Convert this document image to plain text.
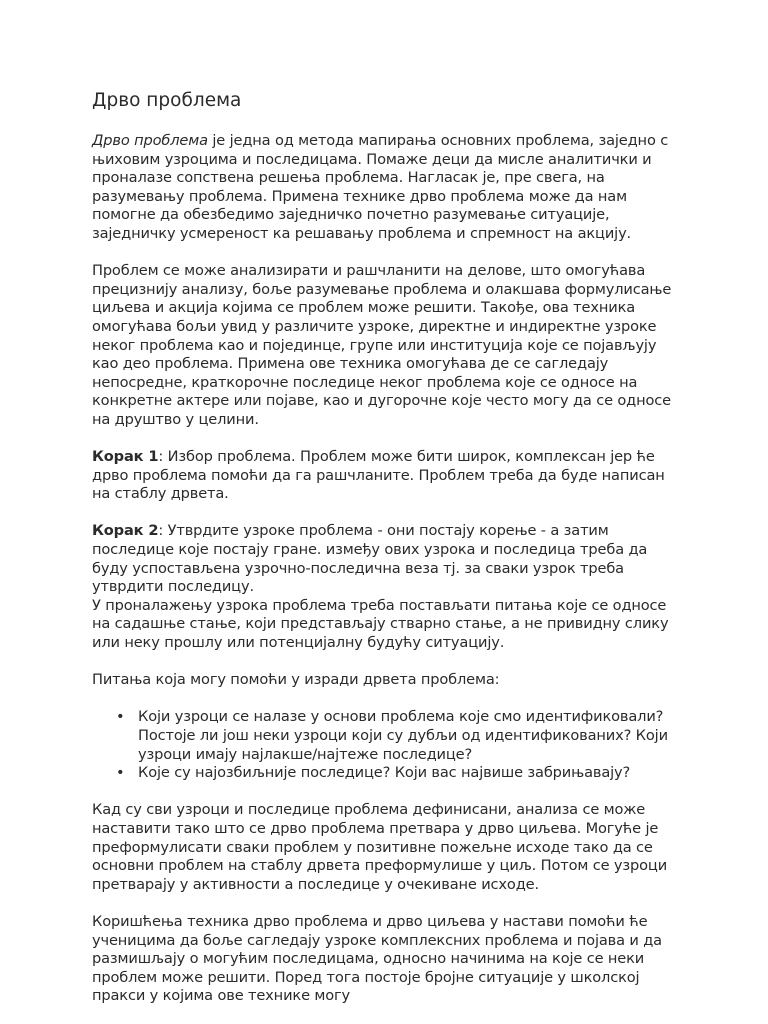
Дрво проблема

Дрво проблема је једна од метода мапирања основних проблема, заједно с њиховим узроцима и последицама. Помаже деци да мисле аналитички и проналазе сопствена решења проблема. Нагласак је, пре свега, на разумевању проблема. Примена технике дрво проблема може да нам помогне да обезбедимо заједничко почетно разумевање ситуације, заједничку усмереност ка решавању проблема и спремност на акцију.

Проблем се може анализирати и рашчланити на делове, што омогућава прецизнију анализу, боље разумевање проблема и олакшава формулисање циљева и акција којима се проблем може решити. Такође, ова техника омогућава бољи увид у различите узроке, директне и индиректне узроке неког проблема као и појединце, групе или институција које се појављују као део проблема. Примена ове техника омогућава де се сагледају непосредне, краткорочне последице неког проблема које се односе на конкретне актере или појаве, као и дугорочне које често могу да се односе на друштво у целини.

Корак 1: Избор проблема. Проблем може бити широк, комплексан јер ће дрво проблема помоћи да га рашчланите. Проблем треба да буде написан на стаблу дрвета.

Корак 2: Утврдите узроке проблема - они постају корење - а затим последице које постају гране. између ових узрока и последица треба да буду успостављена узрочно-последична веза тј. за сваки узрок треба утврдити последицу.
У проналажењу узрока проблема треба постављати питања које се односе на садашње стање, који представљају стварно стање, а не привидну слику или неку прошлу или потенцијалну будућу ситуацију.

Питања која могу помоћи у изради дрвета проблема:

• Који узроци се налазе у основи проблема које смо идентификовали? Постоје ли још неки узроци који су дубљи од идентификованих? Који узроци имају најлакше/најтеже последице?
• Које су најозбиљније последице? Који вас највише забрињавају?

Кад су сви узроци и последице проблема дефинисани, анализа се може наставити тако што се дрво проблема претвара у дрво циљева. Могуће је преформулисати сваки проблем у позитивне пожељне исходе тако да се основни проблем на стаблу дрвета преформулише у циљ. Потом се узроци претварају у активности а последице у очекиване исходе.

Коришћења техника дрво проблема и дрво циљева у настави помоћи ће ученицима да боље сагледају узроке комплексних проблема и појава и да размишљају о могућим последицама, односно начинима на које се неки проблем може решити. Поред тога постоје бројне ситуације у школској пракси у којима ове технике могу
